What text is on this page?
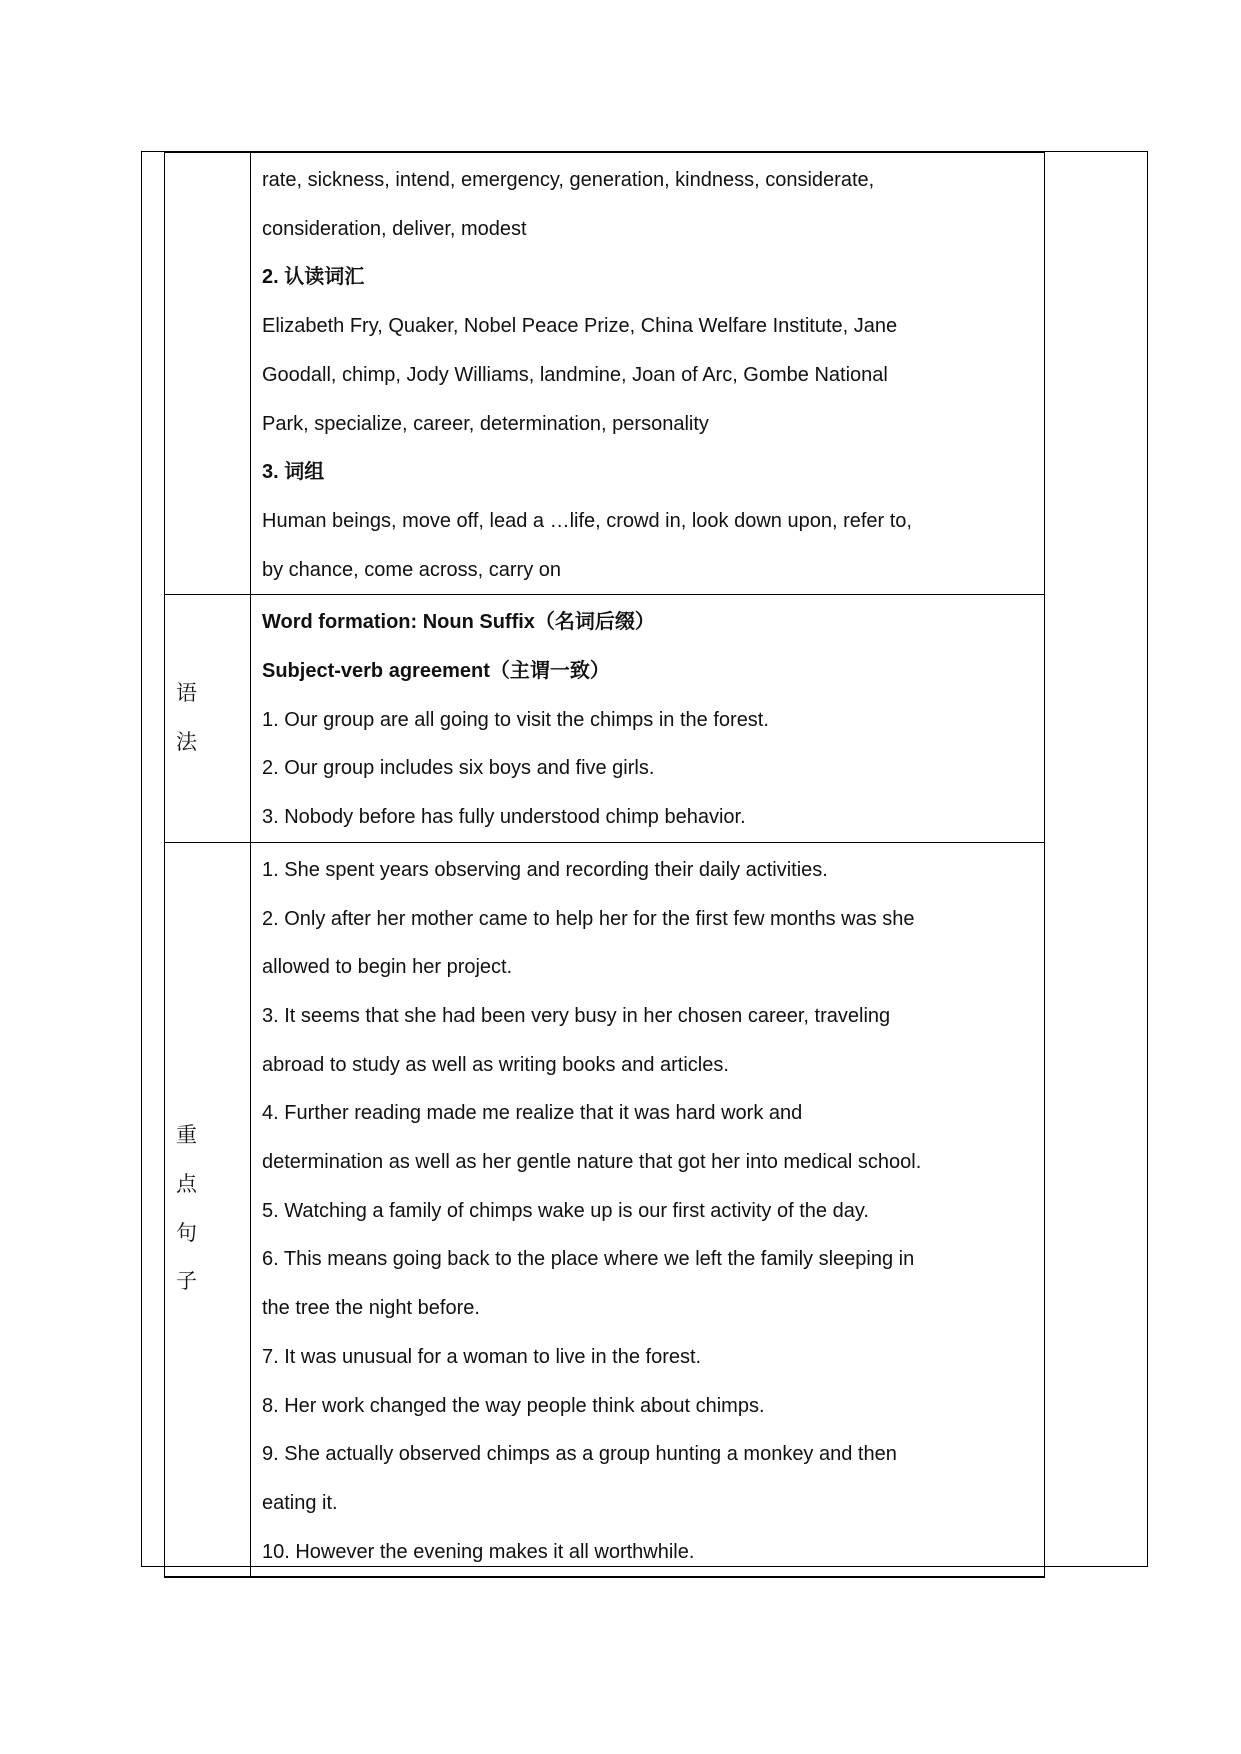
rate, sickness, intend, emergency, generation, kindness, considerate,
consideration, deliver, modest
2. 认读词汇
Elizabeth Fry, Quaker, Nobel Peace Prize, China Welfare Institute, Jane
Goodall, chimp, Jody Williams, landmine, Joan of Arc, Gombe National
Park, specialize, career, determination, personality
3. 词组
Human beings, move off, lead a …life, crowd in, look down upon, refer to,
by chance, come across, carry on
语
法
Word formation: Noun Suffix（名词后缀）
Subject-verb agreement（主谓一致）
1. Our group are all going to visit the chimps in the forest.
2. Our group includes six boys and five girls.
3. Nobody before has fully understood chimp behavior.
重
点
句
子
1. She spent years observing and recording their daily activities.
2. Only after her mother came to help her for the first few months was she
allowed to begin her project.
3. It seems that she had been very busy in her chosen career, traveling
abroad to study as well as writing books and articles.
4. Further reading made me realize that it was hard work and
determination as well as her gentle nature that got her into medical school.
5. Watching a family of chimps wake up is our first activity of the day.
6. This means going back to the place where we left the family sleeping in
the tree the night before.
7. It was unusual for a woman to live in the forest.
8. Her work changed the way people think about chimps.
9. She actually observed chimps as a group hunting a monkey and then
eating it.
10. However the evening makes it all worthwhile.
